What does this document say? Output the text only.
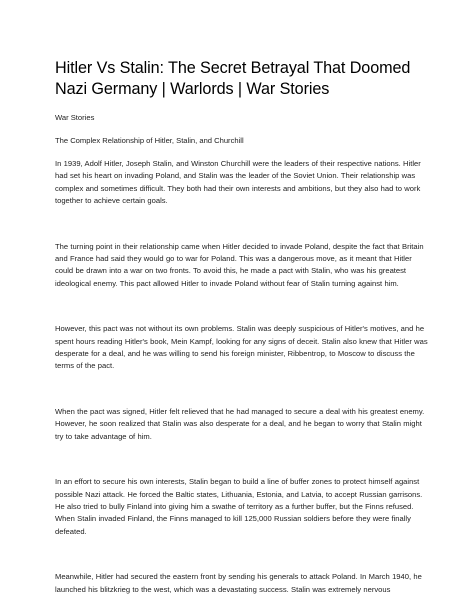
Hitler Vs Stalin: The Secret Betrayal That Doomed Nazi Germany | Warlords | War Stories

War Stories

The Complex Relationship of Hitler, Stalin, and Churchill

In 1939, Adolf Hitler, Joseph Stalin, and Winston Churchill were the leaders of their respective nations. Hitler had set his heart on invading Poland, and Stalin was the leader of the Soviet Union. Their relationship was complex and sometimes difficult. They both had their own interests and ambitions, but they also had to work together to achieve certain goals.

The turning point in their relationship came when Hitler decided to invade Poland, despite the fact that Britain and France had said they would go to war for Poland. This was a dangerous move, as it meant that Hitler could be drawn into a war on two fronts. To avoid this, he made a pact with Stalin, who was his greatest ideological enemy. This pact allowed Hitler to invade Poland without fear of Stalin turning against him.

However, this pact was not without its own problems. Stalin was deeply suspicious of Hitler's motives, and he spent hours reading Hitler's book, Mein Kampf, looking for any signs of deceit. Stalin also knew that Hitler was desperate for a deal, and he was willing to send his foreign minister, Ribbentrop, to Moscow to discuss the terms of the pact.

When the pact was signed, Hitler felt relieved that he had managed to secure a deal with his greatest enemy. However, he soon realized that Stalin was also desperate for a deal, and he began to worry that Stalin might try to take advantage of him.

In an effort to secure his own interests, Stalin began to build a line of buffer zones to protect himself against possible Nazi attack. He forced the Baltic states, Lithuania, Estonia, and Latvia, to accept Russian garrisons. He also tried to bully Finland into giving him a swathe of territory as a further buffer, but the Finns refused. When Stalin invaded Finland, the Finns managed to kill 125,000 Russian soldiers before they were finally defeated.

Meanwhile, Hitler had secured the eastern front by sending his generals to attack Poland. In March 1940, he launched his blitzkrieg to the west, which was a devastating success. Stalin was extremely nervous
